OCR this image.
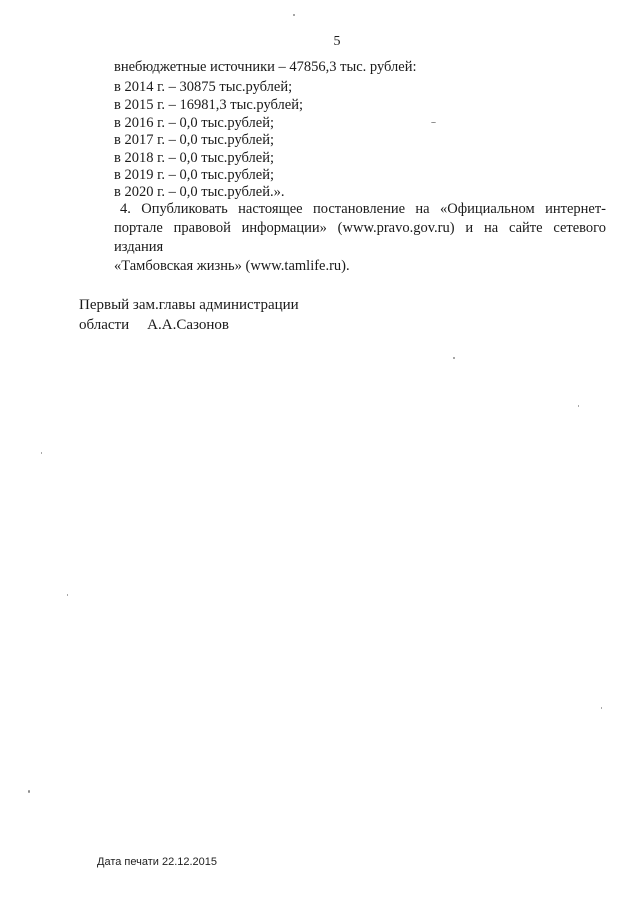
5
внебюджетные источники – 47856,3 тыс. рублей:
в 2014 г. – 30875 тыс.рублей;
в 2015 г. – 16981,3 тыс.рублей;
в 2016 г. – 0,0 тыс.рублей;
в 2017 г. – 0,0 тыс.рублей;
в 2018 г. – 0,0 тыс.рублей;
в 2019 г. – 0,0 тыс.рублей;
в 2020 г. – 0,0 тыс.рублей.».
4. Опубликовать настоящее постановление на «Официальном интернет-
портале правовой информации» (www.pravo.gov.ru) и на сайте сетевого издания
«Тамбовская жизнь» (www.tamlife.ru).
Первый зам.главы администрации
области А.А.Сазонов
Дата печати 22.12.2015
